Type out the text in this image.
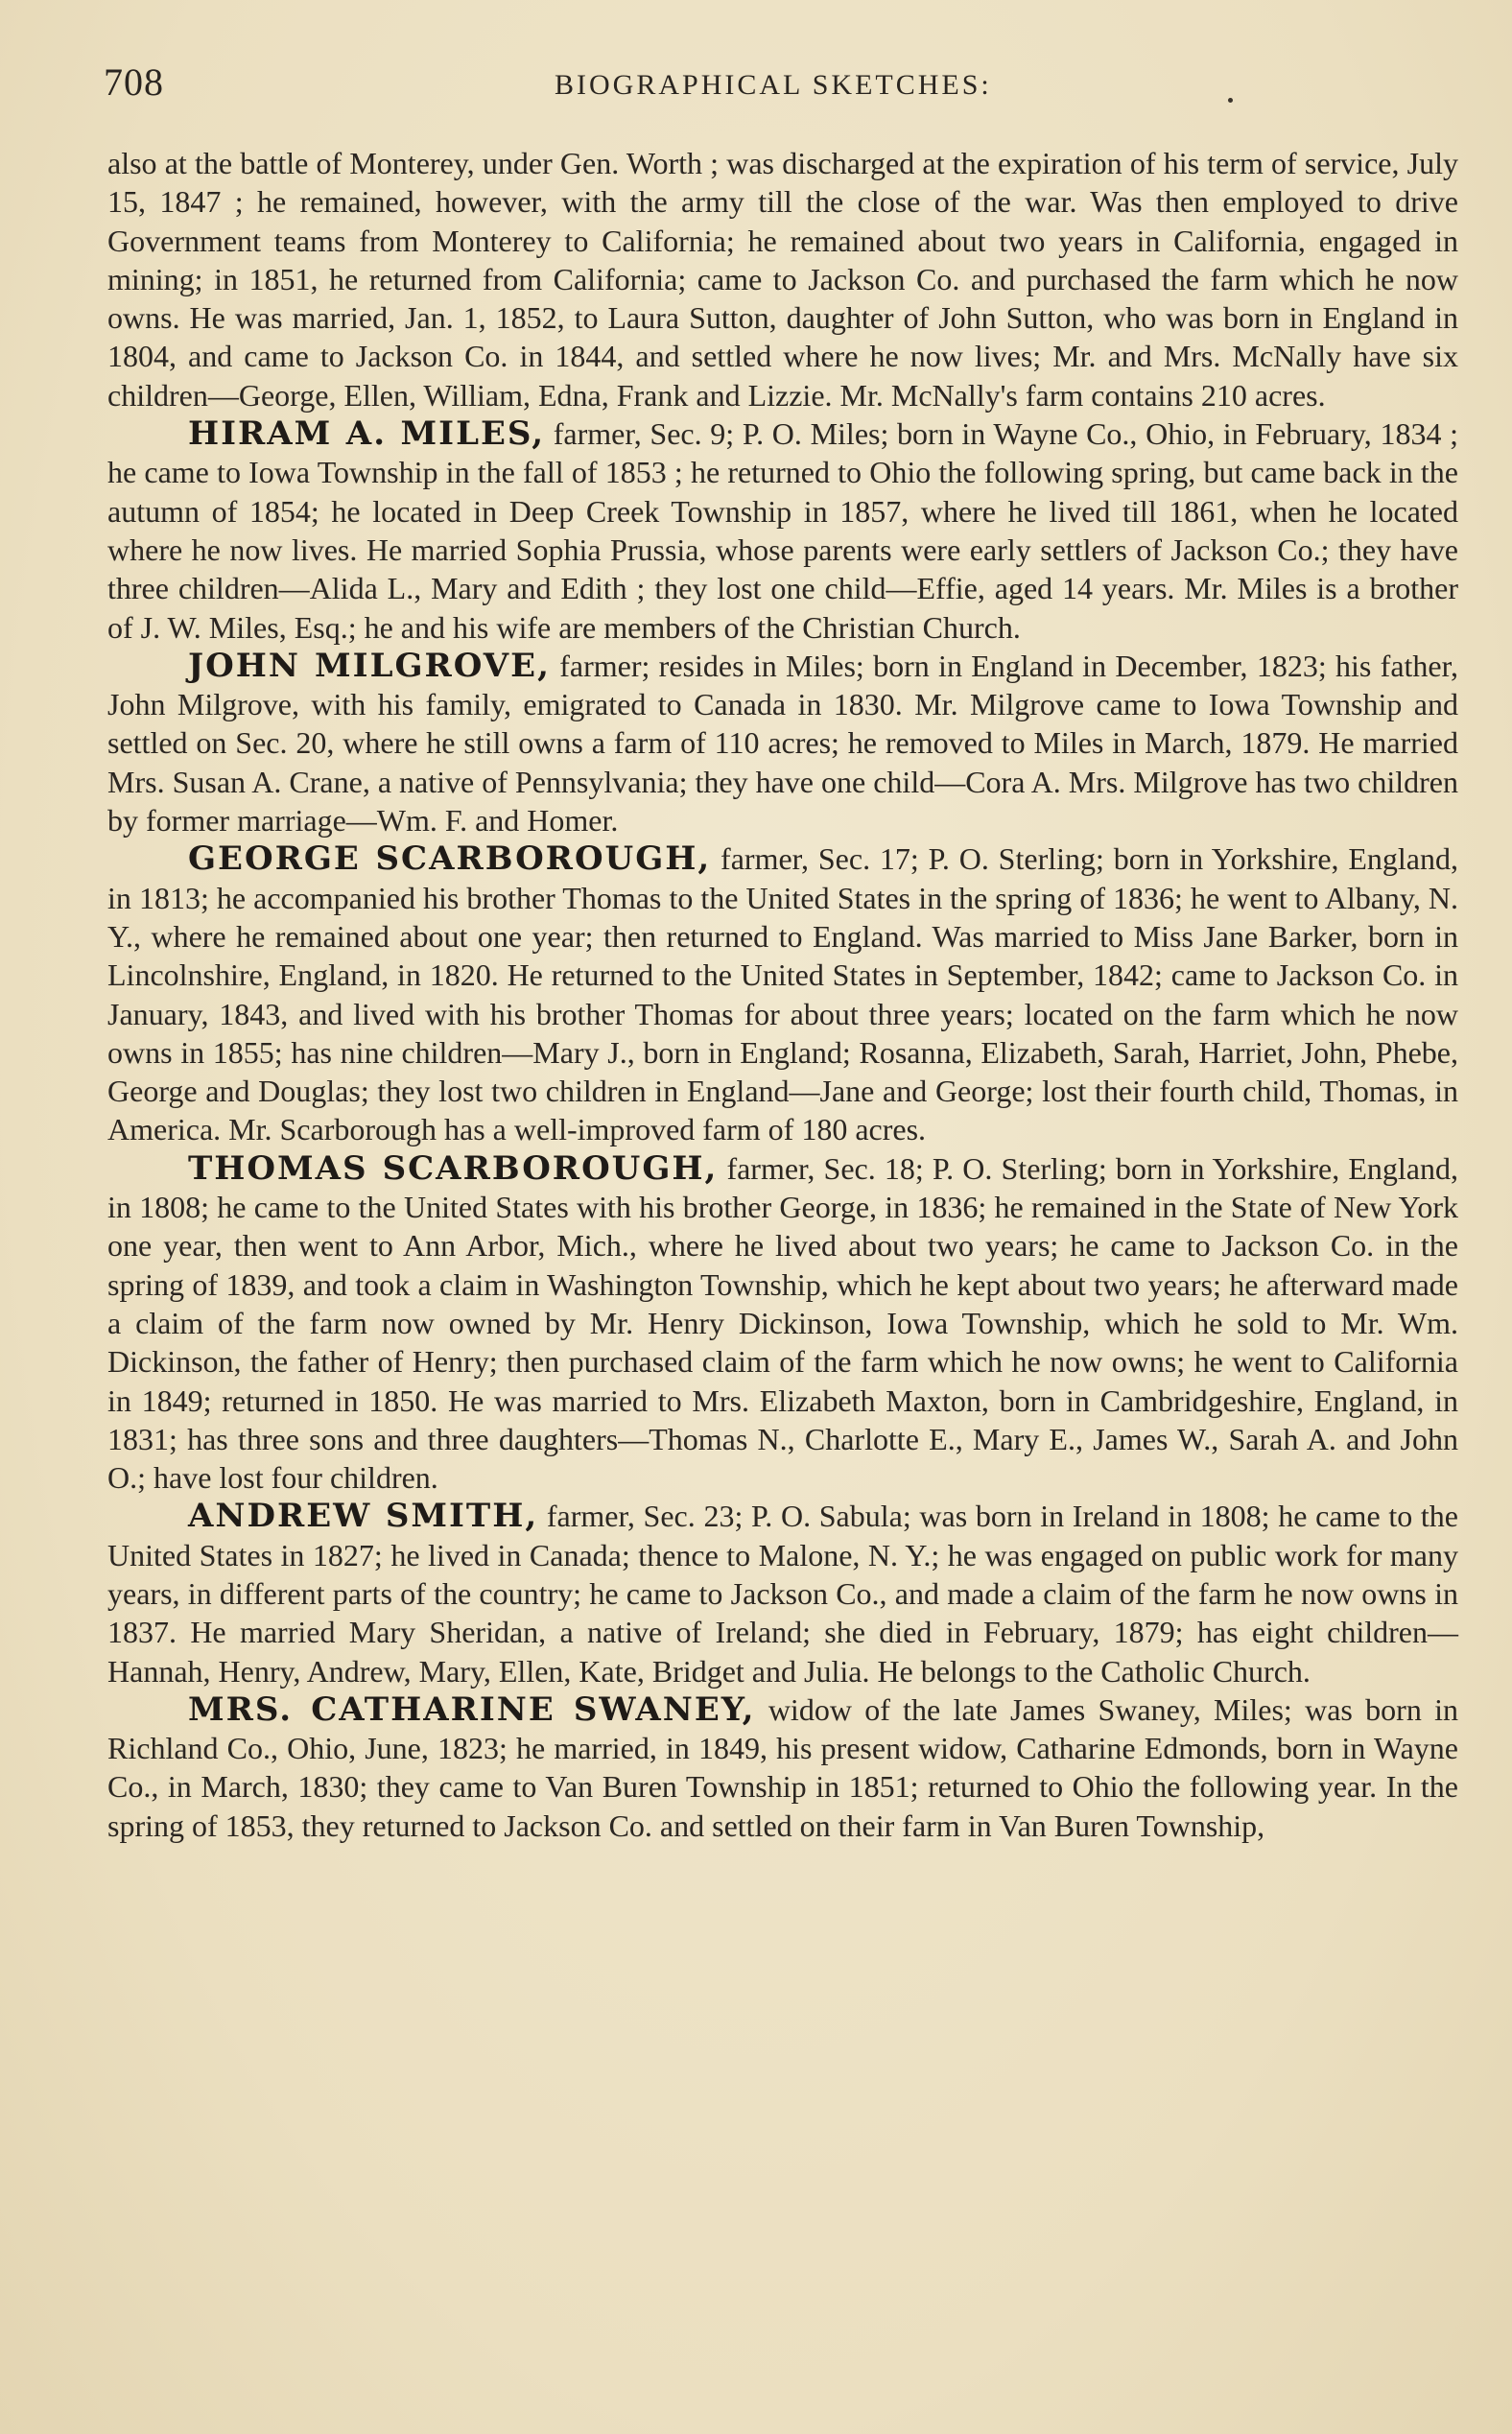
708	BIOGRAPHICAL SKETCHES:

also at the battle of Monterey, under Gen. Worth ; was discharged at the expiration of his term of service, July 15, 1847 ; he remained, however, with the army till the close of the war. Was then employed to drive Government teams from Monterey to California; he remained about two years in California, engaged in mining; in 1851, he returned from California; came to Jackson Co. and purchased the farm which he now owns. He was married, Jan. 1, 1852, to Laura Sutton, daughter of John Sutton, who was born in England in 1804, and came to Jackson Co. in 1844, and settled where he now lives; Mr. and Mrs. McNally have six children—George, Ellen, William, Edna, Frank and Lizzie. Mr. McNally's farm contains 210 acres.

HIRAM A. MILES, farmer, Sec. 9; P. O. Miles; born in Wayne Co., Ohio, in February, 1834 ; he came to Iowa Township in the fall of 1853 ; he returned to Ohio the following spring, but came back in the autumn of 1854; he located in Deep Creek Township in 1857, where he lived till 1861, when he located where he now lives. He married Sophia Prussia, whose parents were early settlers of Jackson Co.; they have three children—Alida L., Mary and Edith ; they lost one child—Effie, aged 14 years. Mr. Miles is a brother of J. W. Miles, Esq.; he and his wife are members of the Christian Church.

JOHN MILGROVE, farmer; resides in Miles; born in England in December, 1823; his father, John Milgrove, with his family, emigrated to Canada in 1830. Mr. Milgrove came to Iowa Township and settled on Sec. 20, where he still owns a farm of 110 acres; he removed to Miles in March, 1879. He married Mrs. Susan A. Crane, a native of Pennsylvania; they have one child—Cora A. Mrs. Milgrove has two children by former marriage—Wm. F. and Homer.

GEORGE SCARBOROUGH, farmer, Sec. 17; P. O. Sterling; born in Yorkshire, England, in 1813; he accompanied his brother Thomas to the United States in the spring of 1836; he went to Albany, N. Y., where he remained about one year; then returned to England. Was married to Miss Jane Barker, born in Lincolnshire, England, in 1820. He returned to the United States in September, 1842; came to Jackson Co. in January, 1843, and lived with his brother Thomas for about three years; located on the farm which he now owns in 1855; has nine children—Mary J., born in England; Rosanna, Elizabeth, Sarah, Harriet, John, Phebe, George and Douglas; they lost two children in England—Jane and George; lost their fourth child, Thomas, in America. Mr. Scarborough has a well-improved farm of 180 acres.

THOMAS SCARBOROUGH, farmer, Sec. 18; P. O. Sterling; born in Yorkshire, England, in 1808; he came to the United States with his brother George, in 1836; he remained in the State of New York one year, then went to Ann Arbor, Mich., where he lived about two years; he came to Jackson Co. in the spring of 1839, and took a claim in Washington Township, which he kept about two years; he afterward made a claim of the farm now owned by Mr. Henry Dickinson, Iowa Township, which he sold to Mr. Wm. Dickinson, the father of Henry; then purchased claim of the farm which he now owns; he went to California in 1849; returned in 1850. He was married to Mrs. Elizabeth Maxton, born in Cambridgeshire, England, in 1831; has three sons and three daughters—Thomas N., Charlotte E., Mary E., James W., Sarah A. and John O.; have lost four children.

ANDREW SMITH, farmer, Sec. 23; P. O. Sabula; was born in Ireland in 1808; he came to the United States in 1827; he lived in Canada; thence to Malone, N. Y.; he was engaged on public work for many years, in different parts of the country; he came to Jackson Co., and made a claim of the farm he now owns in 1837. He married Mary Sheridan, a native of Ireland; she died in February, 1879; has eight children—Hannah, Henry, Andrew, Mary, Ellen, Kate, Bridget and Julia. He belongs to the Catholic Church.

MRS. CATHARINE SWANEY, widow of the late James Swaney, Miles; was born in Richland Co., Ohio, June, 1823; he married, in 1849, his present widow, Catharine Edmonds, born in Wayne Co., in March, 1830; they came to Van Buren Township in 1851; returned to Ohio the following year. In the spring of 1853, they returned to Jackson Co. and settled on their farm in Van Buren Township,
